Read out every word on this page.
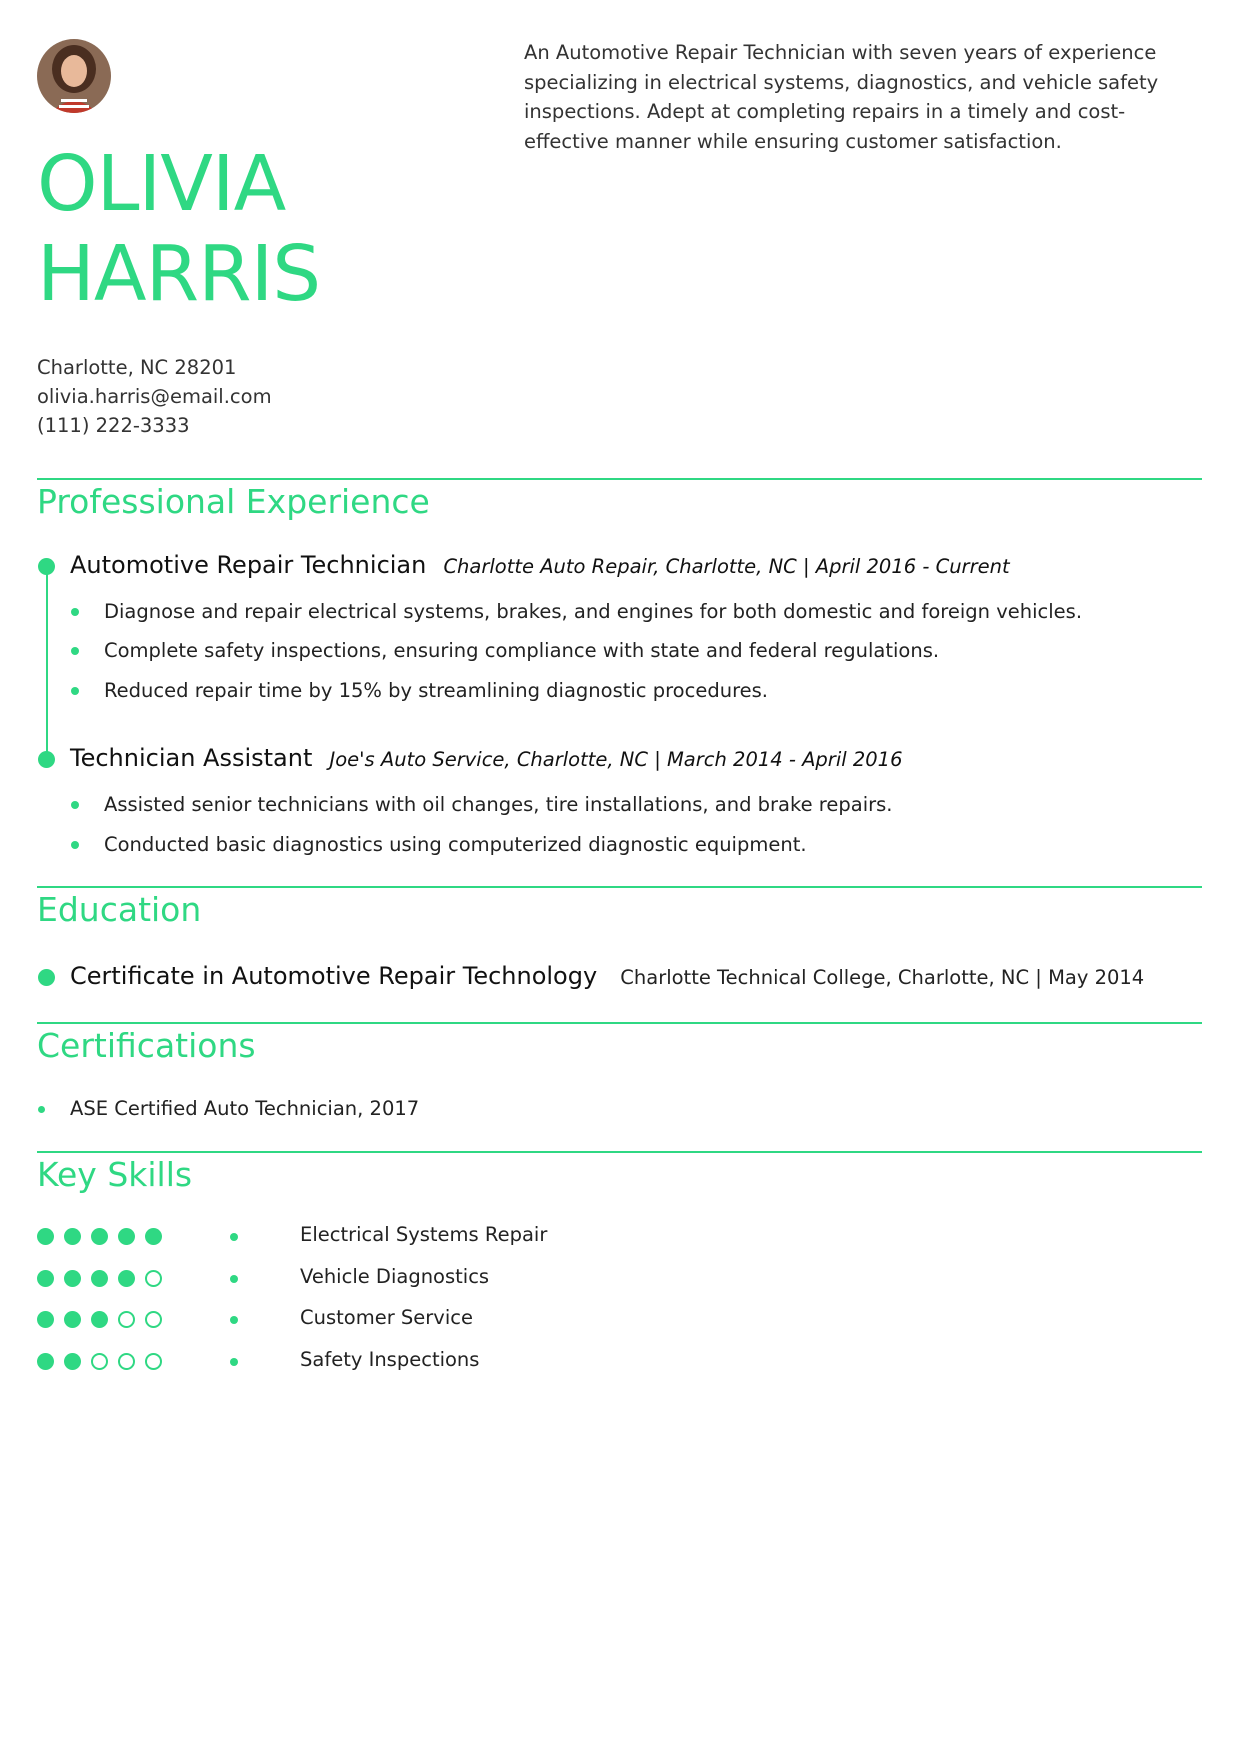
OLIVIA
HARRIS

An Automotive Repair Technician with seven years of experience specializing in electrical systems, diagnostics, and vehicle safety inspections. Adept at completing repairs in a timely and cost-effective manner while ensuring customer satisfaction.

Charlotte, NC 28201
olivia.harris@email.com
(111) 222-3333
Professional Experience
Automotive Repair Technician Charlotte Auto Repair, Charlotte, NC | April 2016 - Current
Diagnose and repair electrical systems, brakes, and engines for both domestic and foreign vehicles.
Complete safety inspections, ensuring compliance with state and federal regulations.
Reduced repair time by 15% by streamlining diagnostic procedures.
Technician Assistant Joe's Auto Service, Charlotte, NC | March 2014 - April 2016
Assisted senior technicians with oil changes, tire installations, and brake repairs.
Conducted basic diagnostics using computerized diagnostic equipment.
Education
Certificate in Automotive Repair Technology Charlotte Technical College, Charlotte, NC | May 2014
Certifications
ASE Certified Auto Technician, 2017
Key Skills
Electrical Systems Repair
Vehicle Diagnostics
Customer Service
Safety Inspections
